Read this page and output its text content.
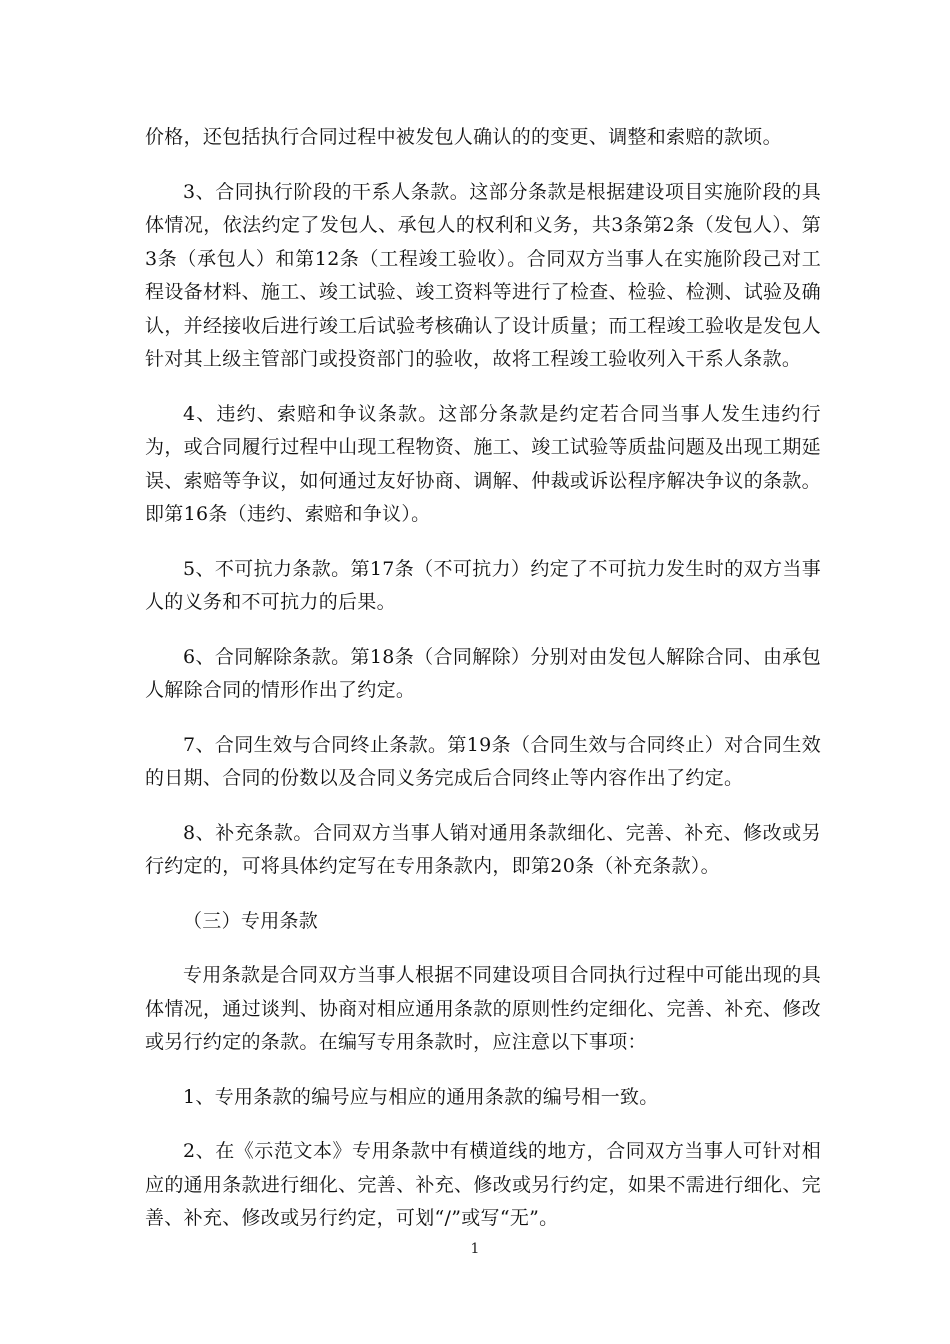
价格，还包括执行合同过程中被发包人确认的的变更、调整和索赔的款顷。

3、合同执行阶段的干系人条款。这部分条款是根据建设项目实施阶段的具体情况，依法约定了发包人、承包人的权利和义务，共3条第2条（发包人）、第3条（承包人）和第12条（工程竣工验收）。合同双方当事人在实施阶段己对工程设备材料、施工、竣工试验、竣工资料等进行了检查、检验、检测、试验及确认，并经接收后进行竣工后试验考核确认了设计质量；而工程竣工验收是发包人针对其上级主管部门或投资部门的验收，故将工程竣工验收列入干系人条款。

4、违约、索赔和争议条款。这部分条款是约定若合同当事人发生违约行为，或合同履行过程中山现工程物资、施工、竣工试验等质盐问题及出现工期延误、索赔等争议，如何通过友好协商、调解、仲裁或诉讼程序解决争议的条款。即第16条（违约、索赔和争议）。

5、不可抗力条款。第17条（不可抗力）约定了不可抗力发生时的双方当事人的义务和不可抗力的后果。

6、合同解除条款。第18条（合同解除）分别对由发包人解除合同、由承包人解除合同的情形作出了约定。

7、合同生效与合同终止条款。第19条（合同生效与合同终止）对合同生效的日期、合同的份数以及合同义务完成后合同终止等内容作出了约定。

8、补充条款。合同双方当事人销对通用条款细化、完善、补充、修改或另行约定的，可将具体约定写在专用条款内，即第20条（补充条款）。

（三）专用条款

专用条款是合同双方当事人根据不同建设项目合同执行过程中可能出现的具体情况，通过谈判、协商对相应通用条款的原则性约定细化、完善、补充、修改或另行约定的条款。在编写专用条款时，应注意以下事项：

1、专用条款的编号应与相应的通用条款的编号相一致。

2、在《示范文本》专用条款中有横道线的地方，合同双方当事人可针对相应的通用条款进行细化、完善、补充、修改或另行约定，如果不需进行细化、完善、补充、修改或另行约定，可划“/”或写“无”。

1
